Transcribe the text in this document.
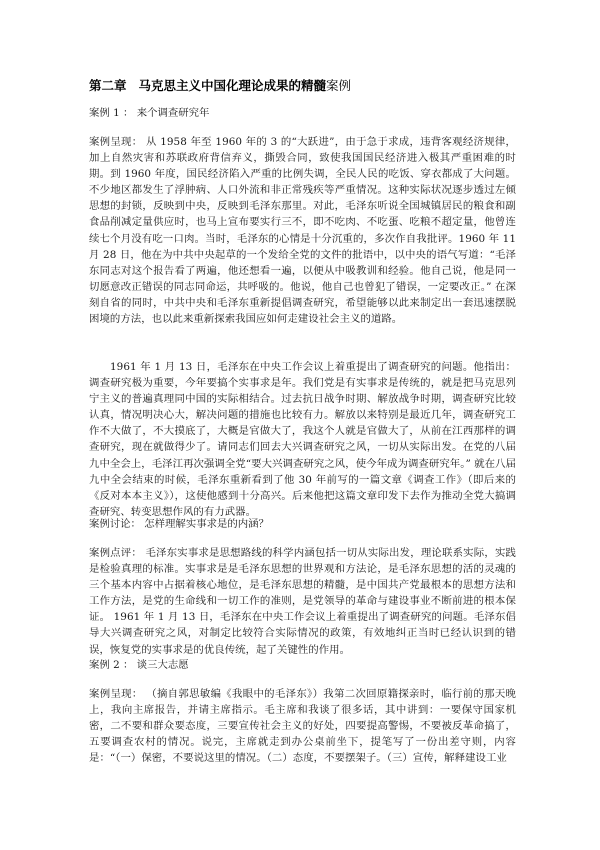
第二章 马克思主义中国化理论成果的精髓案例

案例 1 ： 来个调查研究年

案例呈现： 从 1958 年至 1960 年的 3 的“大跃进”，由于急于求成，违背客观经济规律，加上自然灾害和苏联政府背信弃义，撕毁合同，致使我国国民经济进入极其严重困难的时期。到 1960 年度，国民经济陷入严重的比例失调，全民人民的吃饭、穿衣都成了大问题。不少地区都发生了浮肿病、人口外流和非正常残疾等严重情况。这种实际状况逐步透过左倾思想的封锁，反映到中央，反映到毛泽东那里。对此，毛泽东听说全国城镇居民的粮食和副食品削减定量供应时，也马上宣布要实行三不，即不吃肉、不吃蛋、吃粮不超定量，他曾连续七个月没有吃一口肉。当时，毛泽东的心情是十分沉重的，多次作自我批评。1960 年 11 月 28 日，他在为中共中央起草的一个发给全党的文件的批语中，以中央的语气写道：“毛泽东同志对这个报告看了两遍，他还想看一遍，以便从中吸教训和经验。他自己说，他是同一切愿意改正错误的同志同命运，共呼吸的。他说，他自己也曾犯了错误，一定要改正。” 在深刻自省的同时，中共中央和毛泽东重新提倡调查研究，希望能够以此来制定出一套迅速摆脱困境的方法，也以此来重新探索我国应如何走建设社会主义的道路。

1961 年 1 月 13 日，毛泽东在中央工作会议上着重提出了调查研究的问题。他指出：调查研究极为重要，今年要搞个实事求是年。我们党是有实事求是传统的，就是把马克思列宁主义的普遍真理同中国的实际相结合。过去抗日战争时期、解放战争时期，调查研究比较认真，情况明决心大，解决问题的措施也比较有力。解放以来特别是最近几年，调查研究工作不大做了，不大摸底了，大概是官做大了，我这个人就是官做大了，从前在江西那样的调查研究，现在就做得少了。请同志们回去大兴调查研究之风，一切从实际出发。在党的八届九中全会上，毛泽江再次强调全党“要大兴调查研究之风，使今年成为调查研究年。” 就在八届九中全会结束的时候，毛泽东重新看到了他 30 年前写的一篇文章《调查工作》（即后来的《反对本本主义》），这使他感到十分高兴。后来他把这篇文章印发下去作为推动全党大搞调查研究、转变思想作风的有力武器。

案例讨论： 怎样理解实事求是的内涵？

案例点评： 毛泽东实事求是思想路线的科学内涵包括一切从实际出发，理论联系实际，实践是检验真理的标准。实事求是是毛泽东思想的世界观和方法论，是毛泽东思想的活的灵魂的三个基本内容中占据着核心地位，是毛泽东思想的精髓，是中国共产党最根本的思想方法和工作方法，是党的生命线和一切工作的准则，是党领导的革命与建设事业不断前进的根本保证。 1961 年 1 月 13 日，毛泽东在中央工作会议上着重提出了调查研究的问题。毛泽东倡导大兴调查研究之风，对制定比较符合实际情况的政策，有效地纠正当时已经认识到的错误，恢复党的实事求是的优良传统，起了关键性的作用。

案例 2 ： 谈三大志愿

案例呈现： （摘自郭思敏编《我眼中的毛泽东》）我第二次回原籍探亲时，临行前的那天晚上，我向主席报告，并请主席指示。毛主席和我谈了很多话，其中讲到：一要保守国家机密，二不要和群众要态度，三要宣传社会主义的好处，四要提高警惕，不要被反革命搞了，五要调查农村的情况。说完，主席就走到办公桌前坐下，提笔写了一份出差守则，内容是：“（一）保密，不要说这里的情况。（二）态度，不要摆架子。（三）宣传，解释建设工业
